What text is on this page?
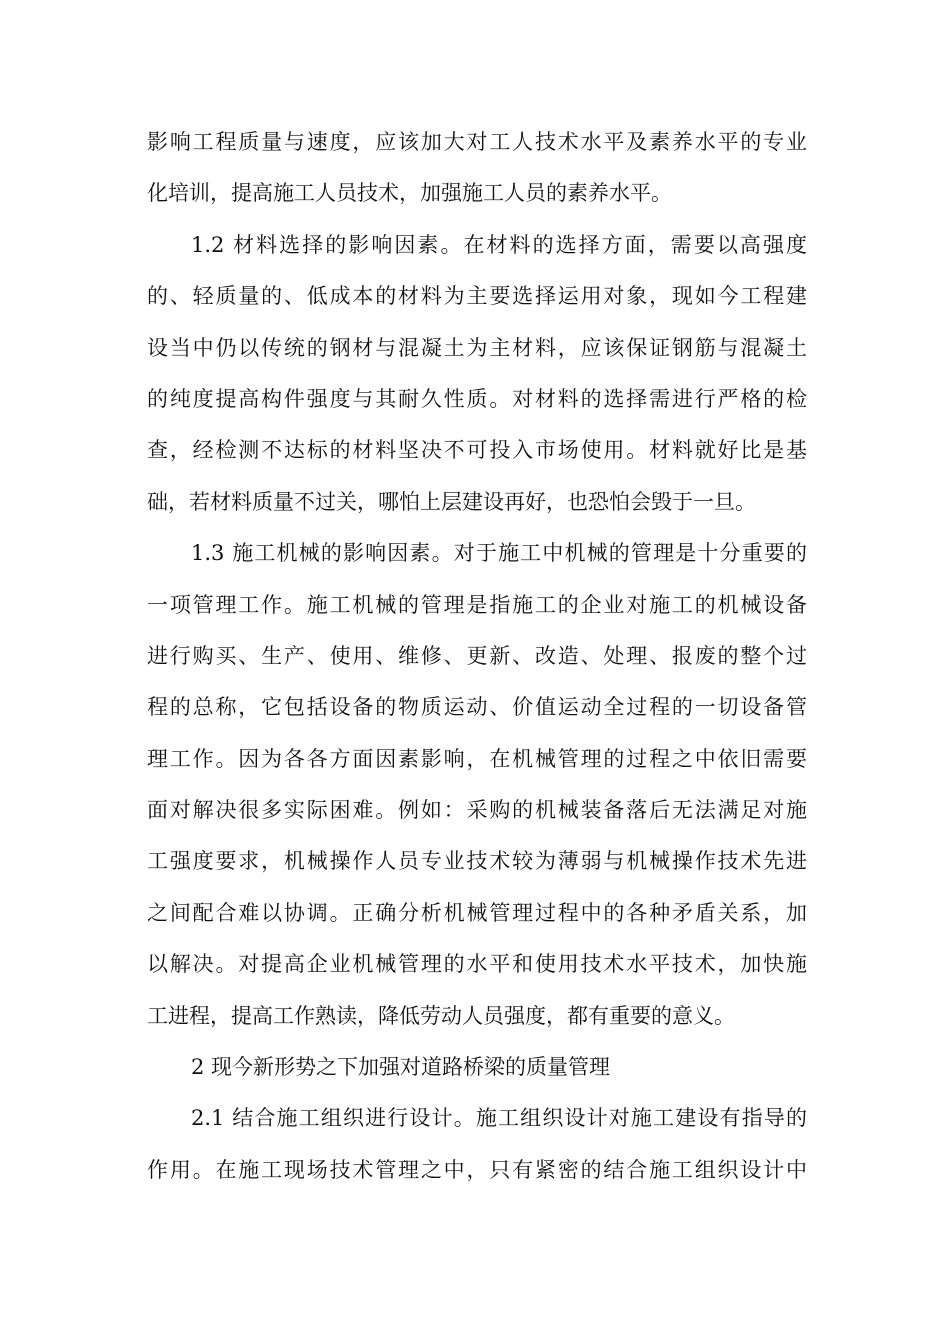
影响工程质量与速度，应该加大对工人技术水平及素养水平的专业
化培训，提高施工人员技术，加强施工人员的素养水平。
1.2 材料选择的影响因素。在材料的选择方面，需要以高强度
的、轻质量的、低成本的材料为主要选择运用对象，现如今工程建
设当中仍以传统的钢材与混凝土为主材料，应该保证钢筋与混凝土
的纯度提高构件强度与其耐久性质。对材料的选择需进行严格的检
查，经检测不达标的材料坚决不可投入市场使用。材料就好比是基
础，若材料质量不过关，哪怕上层建设再好，也恐怕会毁于一旦。
1.3 施工机械的影响因素。对于施工中机械的管理是十分重要的
一项管理工作。施工机械的管理是指施工的企业对施工的机械设备
进行购买、生产、使用、维修、更新、改造、处理、报废的整个过
程的总称，它包括设备的物质运动、价值运动全过程的一切设备管
理工作。因为各各方面因素影响，在机械管理的过程之中依旧需要
面对解决很多实际困难。例如：采购的机械装备落后无法满足对施
工强度要求，机械操作人员专业技术较为薄弱与机械操作技术先进
之间配合难以协调。正确分析机械管理过程中的各种矛盾关系，加
以解决。对提高企业机械管理的水平和使用技术水平技术，加快施
工进程，提高工作熟读，降低劳动人员强度，都有重要的意义。
2 现今新形势之下加强对道路桥梁的质量管理
2.1 结合施工组织进行设计。施工组织设计对施工建设有指导的
作用。在施工现场技术管理之中，只有紧密的结合施工组织设计中
